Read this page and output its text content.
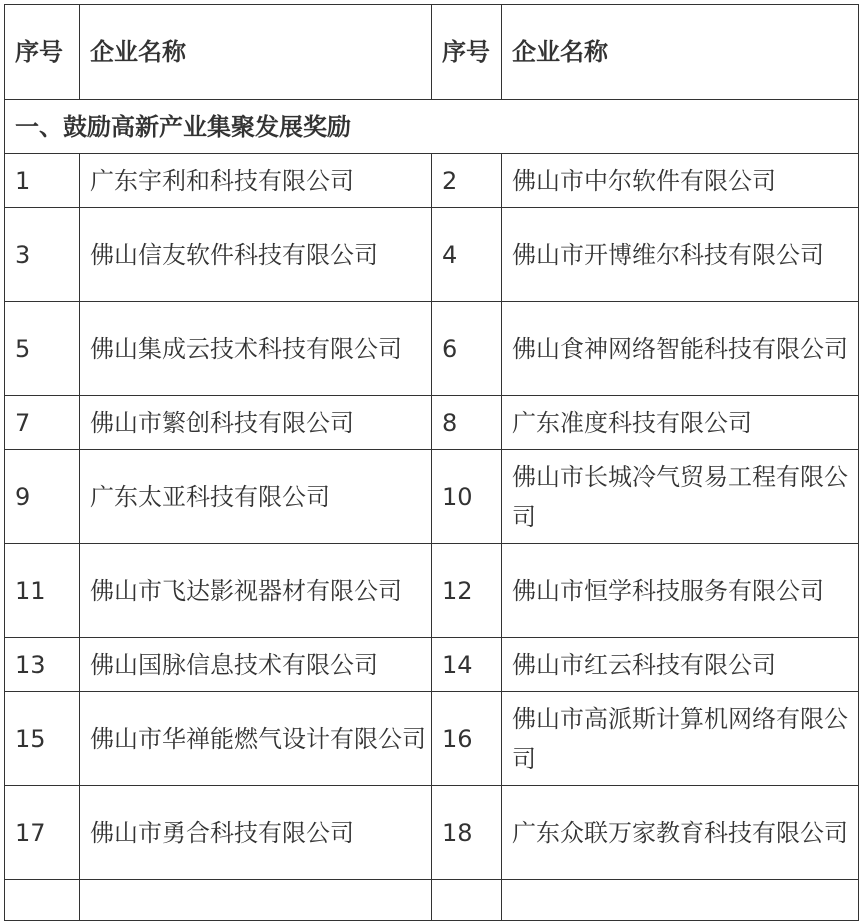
序号	企业名称	序号	企业名称
一、鼓励高新产业集聚发展奖励			
1	广东宇利和科技有限公司	2	佛山市中尔软件有限公司
3	佛山信友软件科技有限公司	4	佛山市开博维尔科技有限公司
5	佛山集成云技术科技有限公司	6	佛山食神网络智能科技有限公司
7	佛山市繁创科技有限公司	8	广东准度科技有限公司
9	广东太亚科技有限公司	10	佛山市长城冷气贸易工程有限公司
11	佛山市飞达影视器材有限公司	12	佛山市恒学科技服务有限公司
13	佛山国脉信息技术有限公司	14	佛山市红云科技有限公司
15	佛山市华禅能燃气设计有限公司	16	佛山市高派斯计算机网络有限公司
17	佛山市勇合科技有限公司	18	广东众联万家教育科技有限公司
